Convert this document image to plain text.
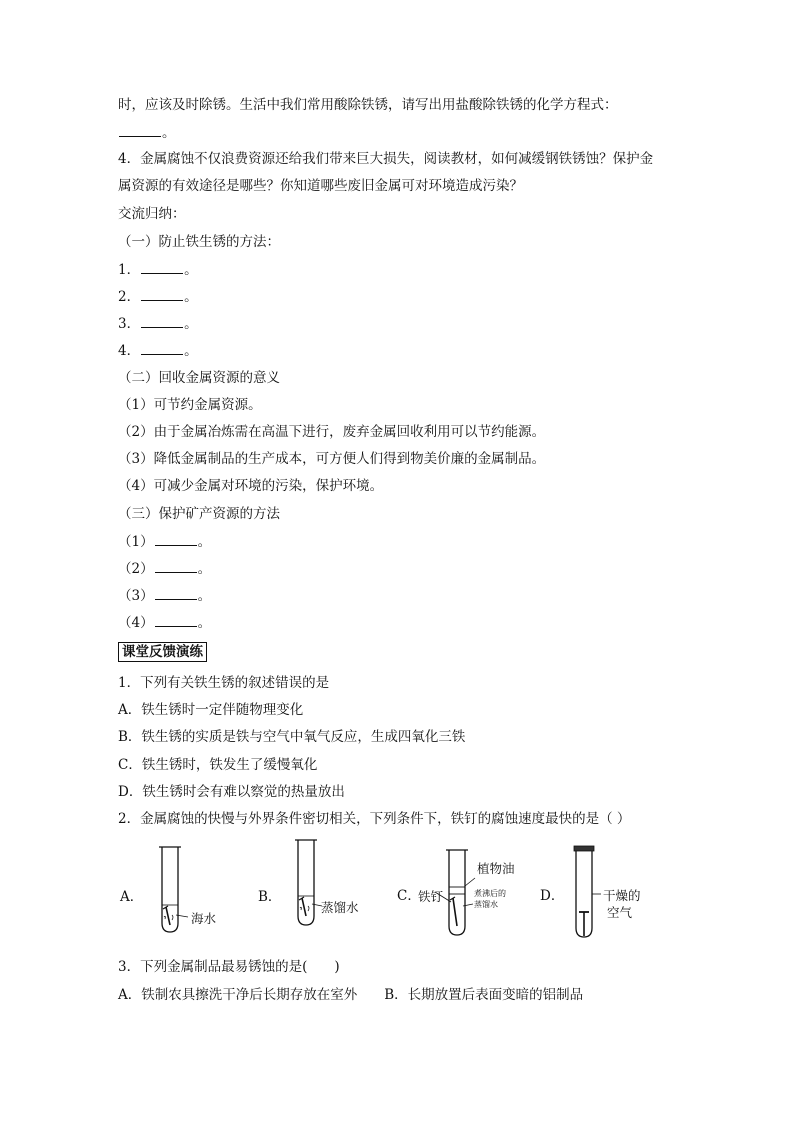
时，应该及时除锈。生活中我们常用酸除铁锈，请写出用盐酸除铁锈的化学方程式：
。
4．金属腐蚀不仅浪费资源还给我们带来巨大损失，阅读教材，如何减缓钢铁锈蚀？保护金
属资源的有效途径是哪些？你知道哪些废旧金属可对环境造成污染？
交流归纳：
（一）防止铁生锈的方法：
1．	。
2．	。
3．	。
4．	。
（二）回收金属资源的意义
（1）可节约金属资源。
（2）由于金属冶炼需在高温下进行，废弃金属回收利用可以节约能源。
（3）降低金属制品的生产成本，可方便人们得到物美价廉的金属制品。
（4）可减少金属对环境的污染，保护环境。
（三）保护矿产资源的方法
（1）	。
（2）	。
（3）	。
（4）	。
课堂反馈演练
1．下列有关铁生锈的叙述错误的是
A．铁生锈时一定伴随物理变化
B．铁生锈的实质是铁与空气中氧气反应，生成四氧化三铁
C．铁生锈时，铁发生了缓慢氧化
D．铁生锈时会有难以察觉的热量放出
2．金属腐蚀的快慢与外界条件密切相关，下列条件下，铁钉的腐蚀速度最快的是（ ）
A．
海水
B．
蒸馏水
C．
铁钉
植物油
煮沸后的
蒸馏水
D．	干燥的
空气
3．下列金属制品最易锈蚀的是(　　)
A．铁制农具擦洗干净后长期存放在室外　　B．长期放置后表面变暗的铝制品
